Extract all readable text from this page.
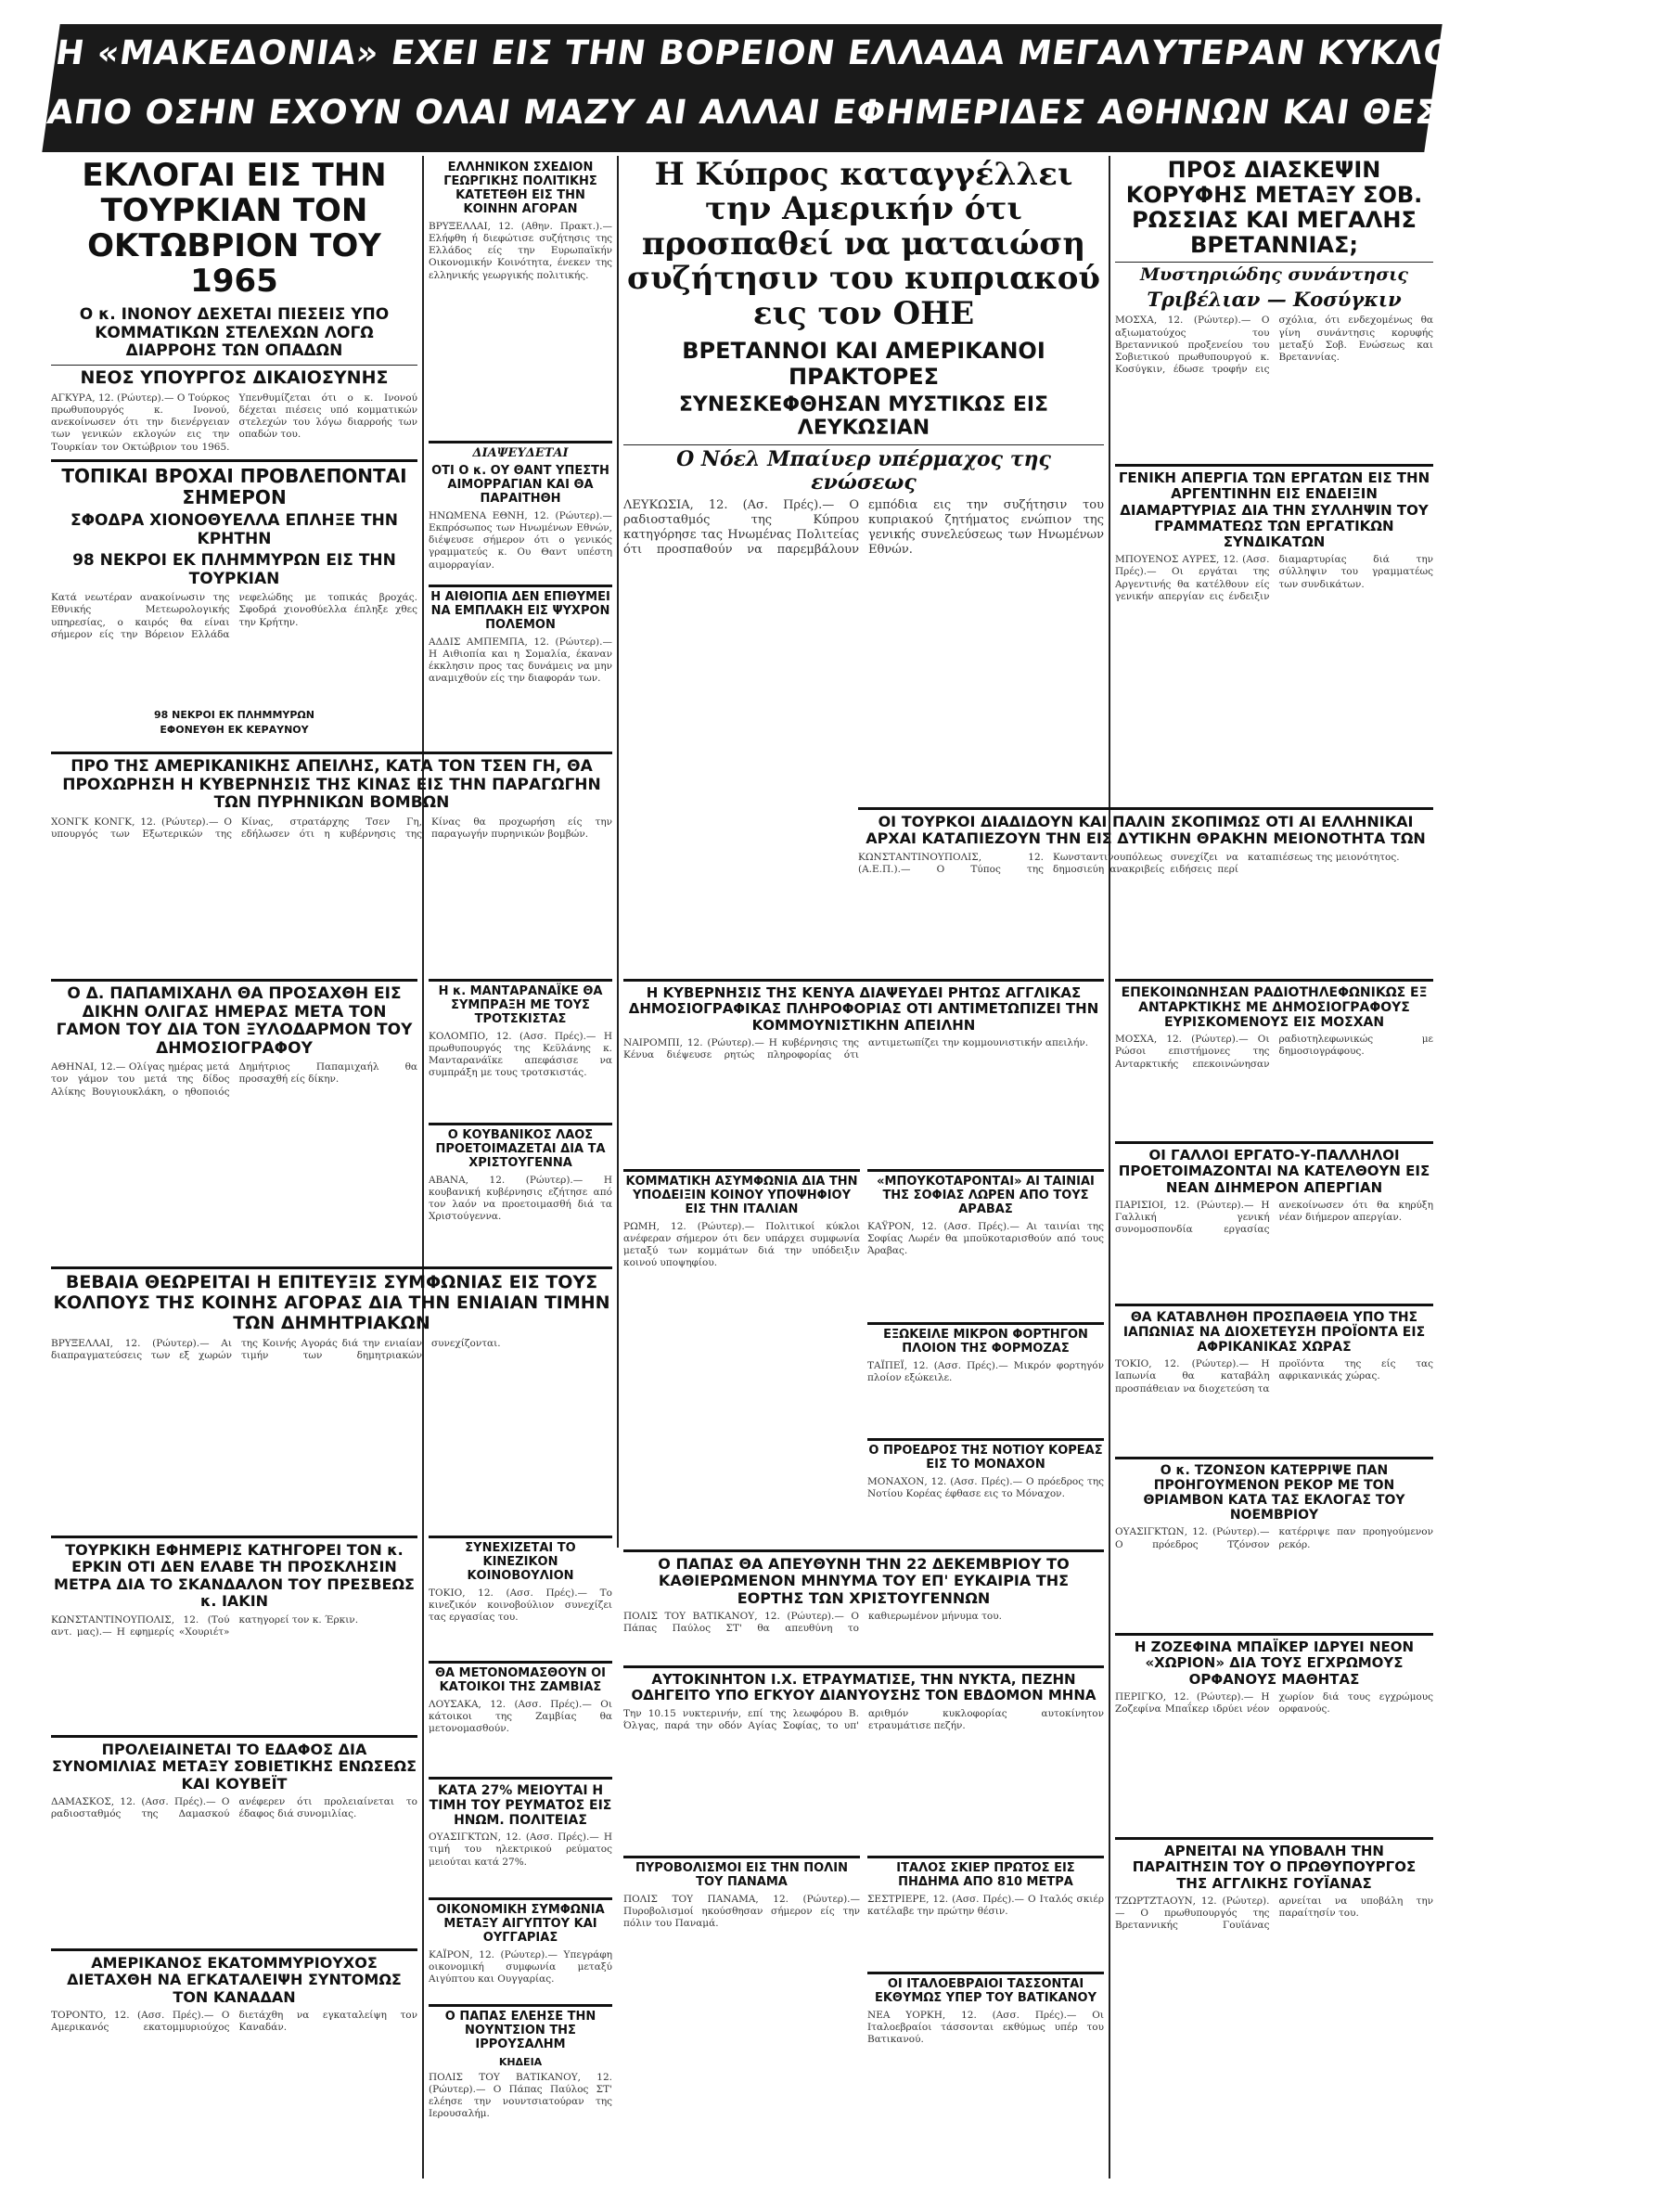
Η «ΜΑΚΕΔΟΝΙΑ» ΕΧΕΙ ΕΙΣ ΤΗΝ ΒΟΡΕΙΟΝ ΕΛΛΑΔΑ ΜΕΓΑΛΥΤΕΡΑΝ ΚΥΚΛΟΦΟΡΙΑΝ
ΑΠΟ ΟΣΗΝ ΕΧΟΥΝ ΟΛΑΙ ΜΑΖΥ ΑΙ ΑΛΛΑΙ ΕΦΗΜΕΡΙΔΕΣ ΑΘΗΝΩΝ ΚΑΙ ΘΕΣΣΑΛΟΝΙΚΗΣ
ΕΚΛΟΓΑΙ ΕΙΣ ΤΗΝ ΤΟΥΡΚΙΑΝ ΤΟΝ ΟΚΤΩΒΡΙΟΝ ΤΟΥ 1965
Ο κ. ΙΝΟΝΟΥ ΔΕΧΕΤΑΙ ΠΙΕΣΕΙΣ ΥΠΟ ΚΟΜΜΑΤΙΚΩΝ ΣΤΕΛΕΧΩΝ ΛΟΓΩ ΔΙΑΡΡΟΗΣ ΤΩΝ ΟΠΑΔΩΝ
ΝΕΟΣ ΥΠΟΥΡΓΟΣ ΔΙΚΑΙΟΣΥΝΗΣ
ΑΓΚΥΡΑ, 12. (Ρώυτερ).— Ο Τούρκος πρωθυπουργός κ. Ινονού, ανεκοίνωσεν ότι την διενέργειαν των γενικών εκλογών εις την Τουρκίαν τον Οκτώβριον του 1965. Υπενθυμίζεται ότι ο κ. Ινονού δέχεται πιέσεις υπό κομματικών στελεχών του λόγω διαρροής των οπαδών του.
ΤΟΠΙΚΑΙ ΒΡΟΧΑΙ ΠΡΟΒΛΕΠΟΝΤΑΙ ΣΗΜΕΡΟΝ
ΣΦΟΔΡΑ ΧΙΟΝΟΘΥΕΛΛΑ ΕΠΛΗΞΕ ΤΗΝ ΚΡΗΤΗΝ
98 ΝΕΚΡΟΙ ΕΚ ΠΛΗΜΜΥΡΩΝ ΕΙΣ ΤΗΝ ΤΟΥΡΚΙΑΝ
Κατά νεωτέραν ανακοίνωσιν της Εθνικής Μετεωρολογικής υπηρεσίας, ο καιρός θα είναι σήμερον είς την Βόρειον Ελλάδα νεφελώδης με τοπικάς βροχάς. Σφοδρά χιονοθύελλα έπληξε χθες την Κρήτην.
98 ΝΕΚΡΟΙ ΕΚ ΠΛΗΜΜΥΡΩΝ
ΕΦΟΝΕΥΘΗ ΕΚ ΚΕΡΑΥΝΟΥ
ΠΡΟ ΤΗΣ ΑΜΕΡΙΚΑΝΙΚΗΣ ΑΠΕΙΛΗΣ, ΚΑΤΑ ΤΟΝ ΤΣΕΝ ΓΗ, ΘΑ ΠΡΟΧΩΡΗΣΗ Η ΚΥΒΕΡΝΗΣΙΣ ΤΗΣ ΚΙΝΑΣ ΕΙΣ ΤΗΝ ΠΑΡΑΓΩΓΗΝ ΤΩΝ ΠΥΡΗΝΙΚΩΝ ΒΟΜΒΩΝ
ΧΟΝΓΚ ΚΟΝΓΚ, 12. (Ρώυτερ).— Ο υπουργός των Εξωτερικών της Κίνας, στρατάρχης Τσεν Γη, εδήλωσεν ότι η κυβέρνησις της Κίνας θα προχωρήση είς την παραγωγήν πυρηνικών βομβών.
Ο Δ. ΠΑΠΑΜΙΧΑΗΛ ΘΑ ΠΡΟΣΑΧΘΗ ΕΙΣ ΔΙΚΗΝ ΟΛΙΓΑΣ ΗΜΕΡΑΣ ΜΕΤΑ ΤΟΝ ΓΑΜΟΝ ΤΟΥ ΔΙΑ ΤΟΝ ΞΥΛΟΔΑΡΜΟΝ ΤΟΥ ΔΗΜΟΣΙΟΓΡΑΦΟΥ
ΑΘΗΝΑΙ, 12.— Ολίγας ημέρας μετά τον γάμον του μετά της δίδος Αλίκης Βουγιουκλάκη, ο ηθοποιός Δημήτριος Παπαμιχαήλ θα προσαχθή είς δίκην.
ΒΕΒΑΙΑ ΘΕΩΡΕΙΤΑΙ Η ΕΠΙΤΕΥΞΙΣ ΣΥΜΦΩΝΙΑΣ ΕΙΣ ΤΟΥΣ ΚΟΛΠΟΥΣ ΤΗΣ ΚΟΙΝΗΣ ΑΓΟΡΑΣ ΔΙΑ ΤΗΝ ΕΝΙΑΙΑΝ ΤΙΜΗΝ ΤΩΝ ΔΗΜΗΤΡΙΑΚΩΝ
ΒΡΥΞΕΛΛΑΙ, 12. (Ρώυτερ).— Αι διαπραγματεύσεις των εξ χωρών της Κοινής Αγοράς διά την ενιαίαν τιμήν των δημητριακών συνεχίζονται.
ΤΟΥΡΚΙΚΗ ΕΦΗΜΕΡΙΣ ΚΑΤΗΓΟΡΕΙ ΤΟΝ κ. ΕΡΚΙΝ ΟΤΙ ΔΕΝ ΕΛΑΒΕ ΤΗ ΠΡΟΣΚΛΗΣΙΝ ΜΕΤΡΑ ΔΙΑ ΤΟ ΣΚΑΝΔΑΛΟΝ ΤΟΥ ΠΡΕΣΒΕΩΣ κ. ΙΑΚΙΝ
ΚΩΝΣΤΑΝΤΙΝΟΥΠΟΛΙΣ, 12. (Τού αντ. μας).— Η εφημερίς «Χουριέτ» κατηγορεί τον κ. Έρκιν.
ΠΡΟΛΕΙΑΙΝΕΤΑΙ ΤΟ ΕΔΑΦΟΣ ΔΙΑ ΣΥΝΟΜΙΛΙΑΣ ΜΕΤΑΞΥ ΣΟΒΙΕΤΙΚΗΣ ΕΝΩΣΕΩΣ ΚΑΙ ΚΟΥΒΕΪΤ
ΔΑΜΑΣΚΟΣ, 12. (Ασσ. Πρές).— Ο ραδιοσταθμός της Δαμασκού ανέφερεν ότι προλειαίνεται το έδαφος διά συνομιλίας.
ΑΜΕΡΙΚΑΝΟΣ ΕΚΑΤΟΜΜΥΡΙΟΥΧΟΣ ΔΙΕΤΑΧΘΗ ΝΑ ΕΓΚΑΤΑΛΕΙΨΗ ΣΥΝΤΟΜΩΣ ΤΟΝ ΚΑΝΑΔΑΝ
ΤΟΡΟΝΤΟ, 12. (Ασσ. Πρές).— Ο Αμερικανός εκατομμυριούχος διετάχθη να εγκαταλείψη τον Καναδάν.
ΕΛΛΗΝΙΚΟΝ ΣΧΕΔΙΟΝ ΓΕΩΡΓΙΚΗΣ ΠΟΛΙΤΙΚΗΣ ΚΑΤΕΤΕΘΗ ΕΙΣ ΤΗΝ ΚΟΙΝΗΝ ΑΓΟΡΑΝ
ΒΡΥΞΕΛΛΑΙ, 12. (Αθην. Πρακτ.).— Ελήφθη ή διεφώτισε συζήτησις της Ελλάδος είς την Ευρωπαϊκήν Οικονομικήν Κοινότητα, ένεκεν της ελληνικής γεωργικής πολιτικής.
ΔΙΑΨΕΥΔΕΤΑΙ
ΟΤΙ Ο κ. ΟΥ ΘΑΝΤ ΥΠΕΣΤΗ ΑΙΜΟΡΡΑΓΙΑΝ ΚΑΙ ΘΑ ΠΑΡΑΙΤΗΘΗ
ΗΝΩΜΕΝΑ ΕΘΝΗ, 12. (Ρώυτερ).— Εκπρόσωπος των Ηνωμένων Εθνών, διέψευσε σήμερον ότι ο γενικός γραμματεύς κ. Ου Θαντ υπέστη αιμορραγίαν.
Η ΑΙΘΙΟΠΙΑ ΔΕΝ ΕΠΙΘΥΜΕΙ ΝΑ ΕΜΠΛΑΚΗ ΕΙΣ ΨΥΧΡΟΝ ΠΟΛΕΜΟΝ
ΑΔΔΙΣ ΑΜΠΕΜΠΑ, 12. (Ρώυτερ).— Η Αιθιοπία και η Σομαλία, έκαναν έκκλησιν προς τας δυνάμεις να μην αναμιχθούν είς την διαφοράν των.
Η κ. ΜΑΝΤΑΡΑΝΑΪΚΕ ΘΑ ΣΥΜΠΡΑΞΗ ΜΕ ΤΟΥΣ ΤΡΟΤΣΚΙΣΤΑΣ
ΚΟΛΟΜΠΟ, 12. (Ασσ. Πρές).— Η πρωθυπουργός της Κεϋλάνης κ. Μανταρανάϊκε απεφάσισε να συμπράξη με τους τροτσκιστάς.
Ο ΚΟΥΒΑΝΙΚΟΣ ΛΑΟΣ ΠΡΟΕΤΟΙΜΑΖΕΤΑΙ ΔΙΑ ΤΑ ΧΡΙΣΤΟΥΓΕΝΝΑ
ΑΒΑΝΑ, 12. (Ρώυτερ).— Η κουβανική κυβέρνησις εζήτησε από τον λαόν να προετοιμασθή διά τα Χριστούγεννα.
ΣΥΝΕΧΙΖΕΤΑΙ ΤΟ ΚΙΝΕΖΙΚΟΝ ΚΟΙΝΟΒΟΥΛΙΟΝ
ΤΟΚΙΟ, 12. (Ασσ. Πρές).— Το κινεζικόν κοινοβούλιον συνεχίζει τας εργασίας του.
ΘΑ ΜΕΤΟΝΟΜΑΣΘΟΥΝ ΟΙ ΚΑΤΟΙΚΟΙ ΤΗΣ ΖΑΜΒΙΑΣ
ΛΟΥΣΑΚΑ, 12. (Ασσ. Πρές).— Οι κάτοικοι της Ζαμβίας θα μετονομασθούν.
ΚΑΤΑ 27% ΜΕΙΟΥΤΑΙ Η ΤΙΜΗ ΤΟΥ ΡΕΥΜΑΤΟΣ ΕΙΣ ΗΝΩΜ. ΠΟΛΙΤΕΙΑΣ
ΟΥΑΣΙΓΚΤΩΝ, 12. (Ασσ. Πρές).— Η τιμή του ηλεκτρικού ρεύματος μειούται κατά 27%.
ΟΙΚΟΝΟΜΙΚΗ ΣΥΜΦΩΝΙΑ ΜΕΤΑΞΥ ΑΙΓΥΠΤΟΥ ΚΑΙ ΟΥΓΓΑΡΙΑΣ
ΚΑΪΡΟΝ, 12. (Ρώυτερ).— Υπεγράφη οικονομική συμφωνία μεταξύ Αιγύπτου και Ουγγαρίας.
Ο ΠΑΠΑΣ ΕΛΕΗΣΕ ΤΗΝ ΝΟΥΝΤΣΙΟΝ ΤΗΣ ΙΡΡΟΥΣΑΛΗΜ
ΚΗΔΕΙΑ
ΠΟΛΙΣ ΤΟΥ ΒΑΤΙΚΑΝΟΥ, 12. (Ρώυτερ).— Ο Πάπας Παύλος ΣΤ' ελέησε την νουντσιατούραν της Ιερουσαλήμ.
Η Κύπρος καταγγέλλει την Αμερικήν ότι προσπαθεί να ματαιώση συζήτησιν του κυπριακού εις τον ΟΗΕ
ΒΡΕΤΑΝΝΟΙ ΚΑΙ ΑΜΕΡΙΚΑΝΟΙ ΠΡΑΚΤΟΡΕΣ
ΣΥΝΕΣΚΕΦΘΗΣΑΝ ΜΥΣΤΙΚΩΣ ΕΙΣ ΛΕΥΚΩΣΙΑΝ
Ο Νόελ Μπαίυερ υπέρμαχος της ενώσεως
ΛΕΥΚΩΣΙΑ, 12. (Ασ. Πρές).— Ο ραδιοσταθμός της Κύπρου κατηγόρησε τας Ηνωμένας Πολιτείας ότι προσπαθούν να παρεμβάλουν εμπόδια εις την συζήτησιν του κυπριακού ζητήματος ενώπιον της γενικής συνελεύσεως των Ηνωμένων Εθνών.
Η ΚΥΒΕΡΝΗΣΙΣ ΤΗΣ ΚΕΝΥΑ ΔΙΑΨΕΥΔΕΙ ΡΗΤΩΣ ΑΓΓΛΙΚΑΣ ΔΗΜΟΣΙΟΓΡΑΦΙΚΑΣ ΠΛΗΡΟΦΟΡΙΑΣ ΟΤΙ ΑΝΤΙΜΕΤΩΠΙΖΕΙ ΤΗΝ ΚΟΜΜΟΥΝΙΣΤΙΚΗΝ ΑΠΕΙΛΗΝ
ΝΑΙΡΟΜΠΙ, 12. (Ρώυτερ).— Η κυβέρνησις της Κένυα διέψευσε ρητώς πληροφορίας ότι αντιμετωπίζει την κομμουνιστικήν απειλήν.
ΚΟΜΜΑΤΙΚΗ ΑΣΥΜΦΩΝΙΑ ΔΙΑ ΤΗΝ ΥΠΟΔΕΙΞΙΝ ΚΟΙΝΟΥ ΥΠΟΨΗΦΙΟΥ ΕΙΣ ΤΗΝ ΙΤΑΛΙΑΝ
ΡΩΜΗ, 12. (Ρώυτερ).— Πολιτικοί κύκλοι ανέφεραν σήμερον ότι δεν υπάρχει συμφωνία μεταξύ των κομμάτων διά την υπόδειξιν κοινού υποψηφίου.
«ΜΠΟΥΚΟΤΑΡΟΝΤΑΙ» ΑΙ ΤΑΙΝΙΑΙ ΤΗΣ ΣΟΦΙΑΣ ΛΩΡΕΝ ΑΠΟ ΤΟΥΣ ΑΡΑΒΑΣ
ΚΑΫΡΟΝ, 12. (Ασσ. Πρές).— Αι ταινίαι της Σοφίας Λωρέν θα μποϋκοταρισθούν από τους Άραβας.
ΕΞΩΚΕΙΛΕ ΜΙΚΡΟΝ ΦΟΡΤΗΓΟΝ ΠΛΟΙΟΝ ΤΗΣ ΦΟΡΜΟΖΑΣ
ΤΑΪΠΕΪ, 12. (Ασσ. Πρές).— Μικρόν φορτηγόν πλοίον εξώκειλε.
Ο ΠΑΠΑΣ ΘΑ ΑΠΕΥΘΥΝΗ ΤΗΝ 22 ΔΕΚΕΜΒΡΙΟΥ ΤΟ ΚΑΘΙΕΡΩΜΕΝΟΝ ΜΗΝΥΜΑ ΤΟΥ ΕΠ' ΕΥΚΑΙΡΙΑ ΤΗΣ ΕΟΡΤΗΣ ΤΩΝ ΧΡΙΣΤΟΥΓΕΝΝΩΝ
ΠΟΛΙΣ ΤΟΥ ΒΑΤΙΚΑΝΟΥ, 12. (Ρώυτερ).— Ο Πάπας Παύλος ΣΤ' θα απευθύνη το καθιερωμένον μήνυμα του.
ΑΥΤΟΚΙΝΗΤΟΝ Ι.Χ. ΕΤΡΑΥΜΑΤΙΣΕ, ΤΗΝ ΝΥΚΤΑ, ΠΕΖΗΝ ΟΔΗΓΕΙΤΟ ΥΠΟ ΕΓΚΥΟΥ ΔΙΑΝΥΟΥΣΗΣ ΤΟΝ ΕΒΔΟΜΟΝ ΜΗΝΑ
Την 10.15 νυκτερινήν, επί της λεωφόρου Β. Όλγας, παρά την οδόν Αγίας Σοφίας, το υπ' αριθμόν κυκλοφορίας αυτοκίνητον ετραυμάτισε πεζήν.
Ο ΠΡΟΕΔΡΟΣ ΤΗΣ ΝΟΤΙΟΥ ΚΟΡΕΑΣ ΕΙΣ ΤΟ ΜΟΝΑΧΟΝ
ΜΟΝΑΧΟΝ, 12. (Ασσ. Πρές).— Ο πρόεδρος της Νοτίου Κορέας έφθασε εις το Μόναχον.
ΙΤΑΛΟΣ ΣΚΙΕΡ ΠΡΩΤΟΣ ΕΙΣ ΠΗΔΗΜΑ ΑΠΟ 810 ΜΕΤΡΑ
ΣΕΣΤΡΙΕΡΕ, 12. (Ασσ. Πρές).— Ο Ιταλός σκιέρ κατέλαβε την πρώτην θέσιν.
ΟΙ ΙΤΑΛΟΕΒΡΑΙΟΙ ΤΑΣΣΟΝΤΑΙ ΕΚΘΥΜΩΣ ΥΠΕΡ ΤΟΥ ΒΑΤΙΚΑΝΟΥ
ΝΕΑ ΥΟΡΚΗ, 12. (Ασσ. Πρές).— Οι Ιταλοεβραίοι τάσσονται εκθύμως υπέρ του Βατικανού.
ΠΥΡΟΒΟΛΙΣΜΟΙ ΕΙΣ ΤΗΝ ΠΟΛΙΝ ΤΟΥ ΠΑΝΑΜΑ
ΠΟΛΙΣ ΤΟΥ ΠΑΝΑΜΑ, 12. (Ρώυτερ).— Πυροβολισμοί ηκούσθησαν σήμερον είς την πόλιν του Παναμά.
ΠΡΟΣ ΔΙΑΣΚΕΨΙΝ ΚΟΡΥΦΗΣ ΜΕΤΑΞΥ ΣΟΒ. ΡΩΣΣΙΑΣ ΚΑΙ ΜΕΓΑΛΗΣ ΒΡΕΤΑΝΝΙΑΣ;
Μυστηριώδης συνάντησις
Τριβέλιαν — Κοσύγκιν
ΜΟΣΧΑ, 12. (Ρώυτερ).— Ο αξιωματούχος του Βρεταννικού προξενείου του Σοβιετικού πρωθυπουργού κ. Κοσύγκιν, έδωσε τροφήν εις σχόλια, ότι ενδεχομένως θα γίνη συνάντησις κορυφής μεταξύ Σοβ. Ενώσεως και Βρεταννίας.
ΓΕΝΙΚΗ ΑΠΕΡΓΙΑ ΤΩΝ ΕΡΓΑΤΩΝ ΕΙΣ ΤΗΝ ΑΡΓΕΝΤΙΝΗΝ ΕΙΣ ΕΝΔΕΙΞΙΝ ΔΙΑΜΑΡΤΥΡΙΑΣ ΔΙΑ ΤΗΝ ΣΥΛΛΗΨΙΝ ΤΟΥ ΓΡΑΜΜΑΤΕΩΣ ΤΩΝ ΕΡΓΑΤΙΚΩΝ ΣΥΝΔΙΚΑΤΩΝ
ΜΠΟΥΕΝΟΣ ΑΥΡΕΣ, 12. (Ασσ. Πρές).— Οι εργάται της Αργεντινής θα κατέλθουν είς γενικήν απεργίαν εις ένδειξιν διαμαρτυρίας διά την σύλληψιν του γραμματέως των συνδικάτων.
ΟΙ ΤΟΥΡΚΟΙ ΔΙΑΔΙΔΟΥΝ ΚΑΙ ΠΑΛΙΝ ΣΚΟΠΙΜΩΣ ΟΤΙ ΑΙ ΕΛΛΗΝΙΚΑΙ ΑΡΧΑΙ ΚΑΤΑΠΙΕΖΟΥΝ ΤΗΝ ΕΙΣ ΔΥΤΙΚΗΝ ΘΡΑΚΗΝ ΜΕΙΟΝΟΤΗΤΑ ΤΩΝ
ΚΩΝΣΤΑΝΤΙΝΟΥΠΟΛΙΣ, 12. (Α.Ε.Π.).— Ο Τύπος της Κωνσταντινουπόλεως συνεχίζει να δημοσιεύη ανακριβείς ειδήσεις περί καταπιέσεως της μειονότητος.
ΕΠΕΚΟΙΝΩΝΗΣΑΝ ΡΑΔΙΟΤΗΛΕΦΩΝΙΚΩΣ ΕΞ ΑΝΤΑΡΚΤΙΚΗΣ ΜΕ ΔΗΜΟΣΙΟΓΡΑΦΟΥΣ ΕΥΡΙΣΚΟΜΕΝΟΥΣ ΕΙΣ ΜΟΣΧΑΝ
ΜΟΣΧΑ, 12. (Ρώυτερ).— Οι Ρώσοι επιστήμονες της Ανταρκτικής επεκοινώνησαν ραδιοτηλεφωνικώς με δημοσιογράφους.
ΟΙ ΓΑΛΛΟΙ ΕΡΓΑΤΟ-Υ-ΠΑΛΛΗΛΟΙ ΠΡΟΕΤΟΙΜΑΖΟΝΤΑΙ ΝΑ ΚΑΤΕΛΘΟΥΝ ΕΙΣ ΝΕΑΝ ΔΙΗΜΕΡΟΝ ΑΠΕΡΓΙΑΝ
ΠΑΡΙΣΙΟΙ, 12. (Ρώυτερ).— Η Γαλλική γενική συνομοσπονδία εργασίας ανεκοίνωσεν ότι θα κηρύξη νέαν διήμερον απεργίαν.
ΘΑ ΚΑΤΑΒΛΗΘΗ ΠΡΟΣΠΑΘΕΙΑ ΥΠΟ ΤΗΣ ΙΑΠΩΝΙΑΣ ΝΑ ΔΙΟΧΕΤΕΥΣΗ ΠΡΟΪΟΝΤΑ ΕΙΣ ΑΦΡΙΚΑΝΙΚΑΣ ΧΩΡΑΣ
ΤΟΚΙΟ, 12. (Ρώυτερ).— Η Ιαπωνία θα καταβάλη προσπάθειαν να διοχετεύση τα προϊόντα της είς τας αφρικανικάς χώρας.
Ο κ. ΤΖΟΝΣΟΝ ΚΑΤΕΡΡΙΨΕ ΠΑΝ ΠΡΟΗΓΟΥΜΕΝΟΝ ΡΕΚΟΡ ΜΕ ΤΟΝ ΘΡΙΑΜΒΟΝ ΚΑΤΑ ΤΑΣ ΕΚΛΟΓΑΣ ΤΟΥ ΝΟΕΜΒΡΙΟΥ
ΟΥΑΣΙΓΚΤΩΝ, 12. (Ρώυτερ).— Ο πρόεδρος Τζόνσον κατέρριψε παν προηγούμενον ρεκόρ.
Η ΖΟΖΕΦΙΝΑ ΜΠΑΪΚΕΡ ΙΔΡΥΕΙ ΝΕΟΝ «ΧΩΡΙΟΝ» ΔΙΑ ΤΟΥΣ ΕΓΧΡΩΜΟΥΣ ΟΡΦΑΝΟΥΣ ΜΑΘΗΤΑΣ
ΠΕΡΙΓΚΟ, 12. (Ρώυτερ).— Η Ζοζεφίνα Μπαΐκερ ιδρύει νέον χωρίον διά τους εγχρώμους ορφανούς.
ΑΡΝΕΙΤΑΙ ΝΑ ΥΠΟΒΑΛΗ ΤΗΝ ΠΑΡΑΙΤΗΣΙΝ ΤΟΥ Ο ΠΡΩΘΥΠΟΥΡΓΟΣ ΤΗΣ ΑΓΓΛΙΚΗΣ ΓΟΥΪΑΝΑΣ
ΤΖΩΡΤΖΤΑΟΥΝ, 12. (Ρώυτερ).— Ο πρωθυπουργός της Βρεταννικής Γουϊάνας αρνείται να υποβάλη την παραίτησίν του.
